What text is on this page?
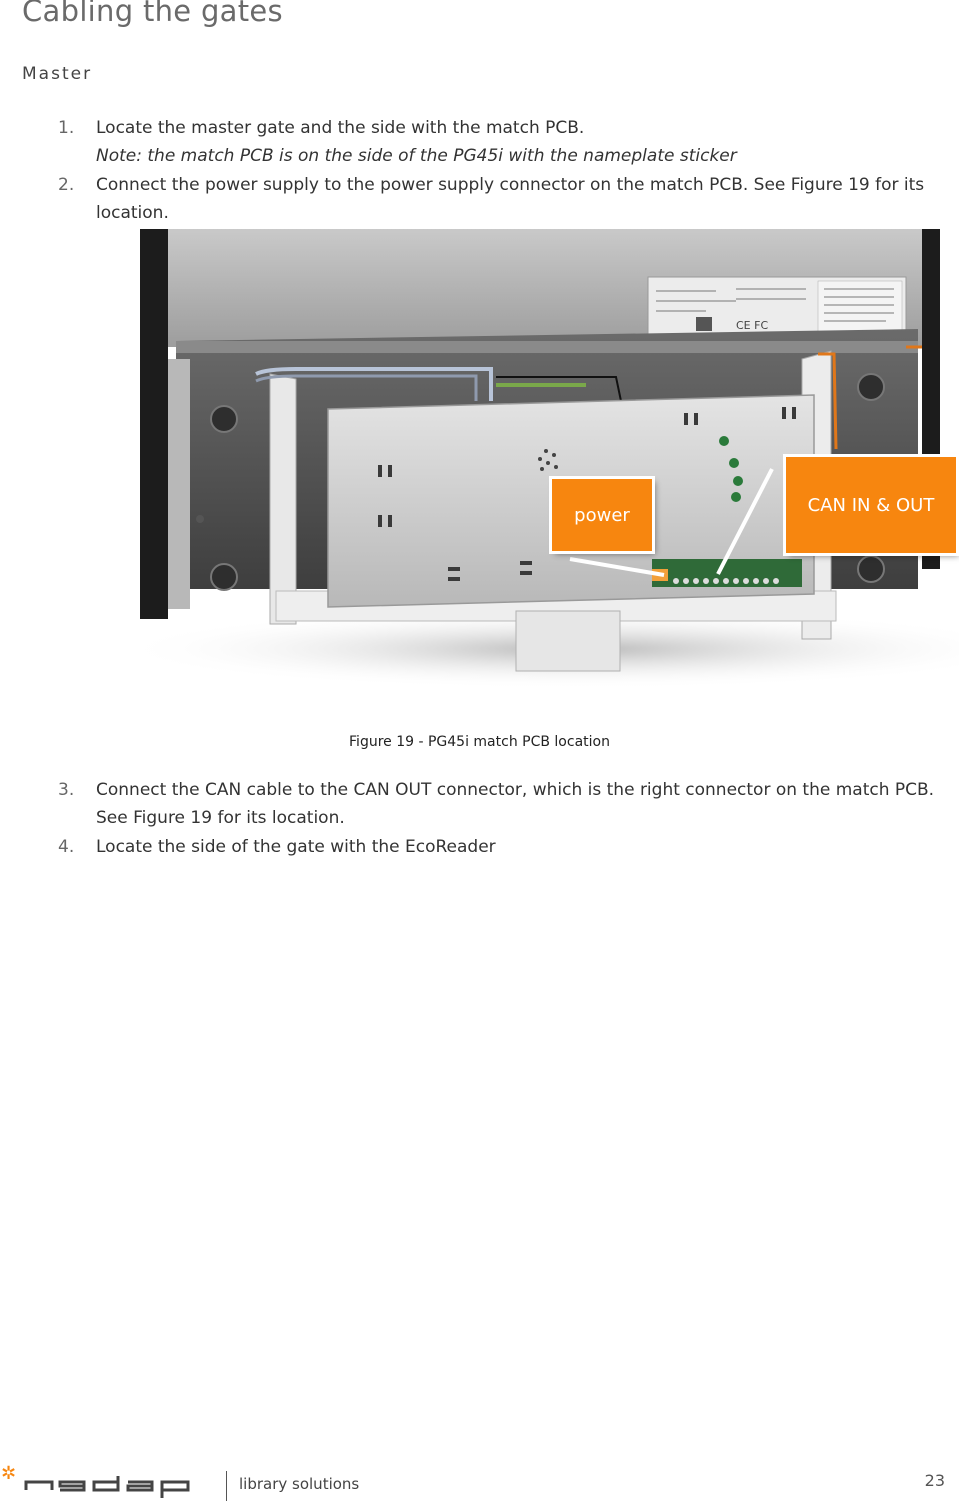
Cabling the gates
Master
1. Locate the master gate and the side with the match PCB.
Note: the match PCB is on the side of the PG45i with the nameplate sticker
2. Connect the power supply to the power supply connector on the match PCB. See Figure 19 for its location.
CE FC
power	CAN IN & OUT
Figure 19 - PG45i match PCB location
3. Connect the CAN cable to the CAN OUT connector, which is the right connector on the match PCB. See Figure 19 for its location.
4. Locate the side of the gate with the EcoReader
✲	library solutions	23
